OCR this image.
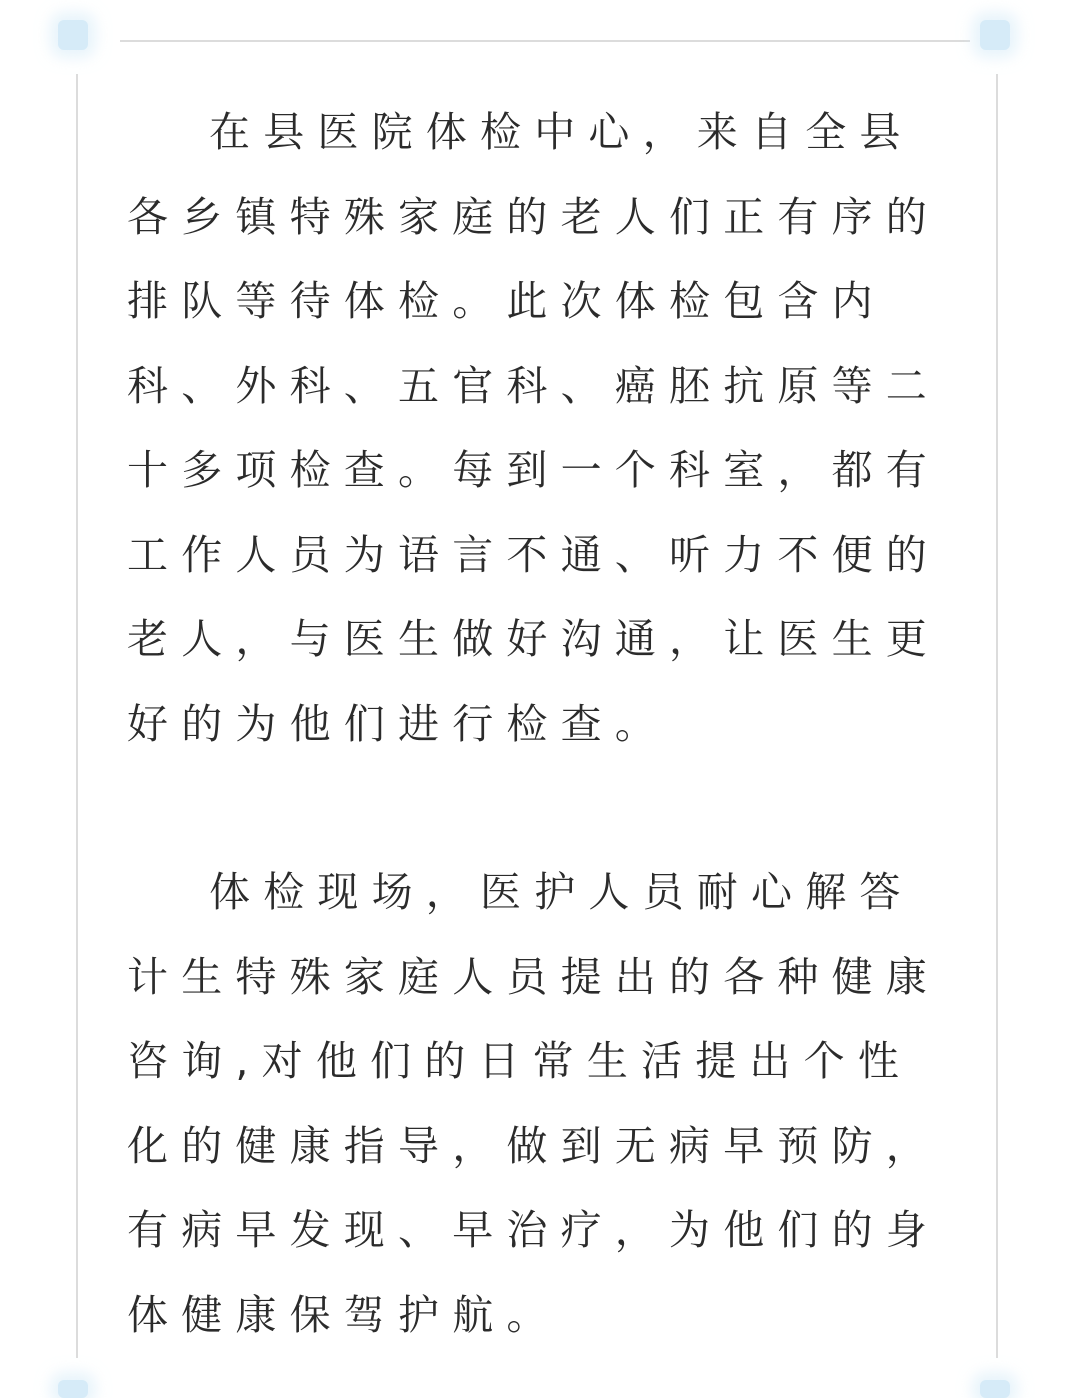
在县医院体检中心，来自全县各乡镇特殊家庭的老人们正有序的排队等待体检。此次体检包含内科、外科、五官科、癌胚抗原等二十多项检查。每到一个科室，都有工作人员为语言不通、听力不便的老人，与医生做好沟通，让医生更好的为他们进行检查。

体检现场，医护人员耐心解答计生特殊家庭人员提出的各种健康咨询,对他们的日常生活提出个性化的健康指导，做到无病早预防，有病早发现、早治疗，为他们的身体健康保驾护航。
